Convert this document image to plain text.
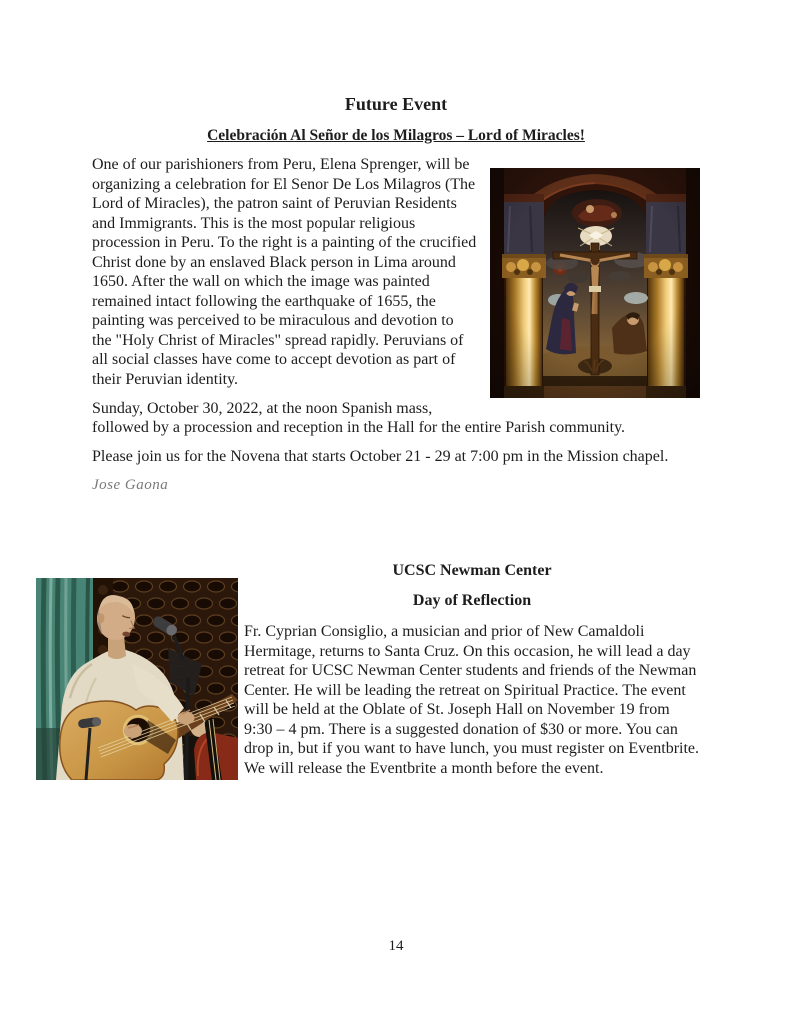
Future Event
Celebración Al Señor de los Milagros – Lord of Miracles!

One of our parishioners from Peru, Elena Sprenger, will be organizing a celebration for El Senor De Los Milagros (The Lord of Miracles), the patron saint of Peruvian Residents and Immigrants. This is the most popular religious procession in Peru. To the right is a painting of the crucified Christ done by an enslaved Black person in Lima around 1650. After the wall on which the image was painted remained intact following the earthquake of 1655, the painting was perceived to be miraculous and devotion to the "Holy Christ of Miracles" spread rapidly. Peruvians of all social classes have come to accept devotion as part of their Peruvian identity.

Sunday, October 30, 2022, at the noon Spanish mass, followed by a procession and reception in the Hall for the entire Parish community.

Please join us for the Novena that starts October 21 - 29 at 7:00 pm in the Mission chapel.

Jose Gaona

UCSC Newman Center
Day of Reflection

Fr. Cyprian Consiglio, a musician and prior of New Camaldoli Hermitage, returns to Santa Cruz. On this occasion, he will lead a day retreat for UCSC Newman Center students and friends of the Newman Center. He will be leading the retreat on Spiritual Practice. The event will be held at the Oblate of St. Joseph Hall on November 19 from 9:30 – 4 pm. There is a suggested donation of $30 or more. You can drop in, but if you want to have lunch, you must register on Eventbrite. We will release the Eventbrite a month before the event.

14
